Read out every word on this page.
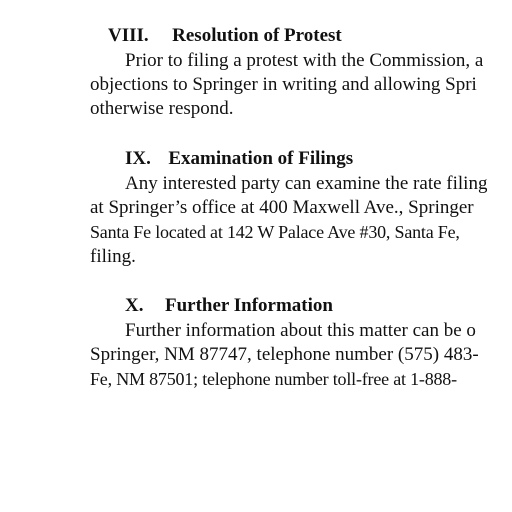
VIII. Resolution of Protest
Prior to filing a protest with the Commission, a
objections to Springer in writing and allowing Spri
otherwise respond.
IX. Examination of Filings
Any interested party can examine the rate filing
at Springer’s office at 400 Maxwell Ave., Springer
Santa Fe located at 142 W Palace Ave #30, Santa Fe,
filing.
X. Further Information
Further information about this matter can be o
Springer, NM 87747, telephone number (575) 483-
Fe, NM 87501; telephone number toll-free at 1-888-
